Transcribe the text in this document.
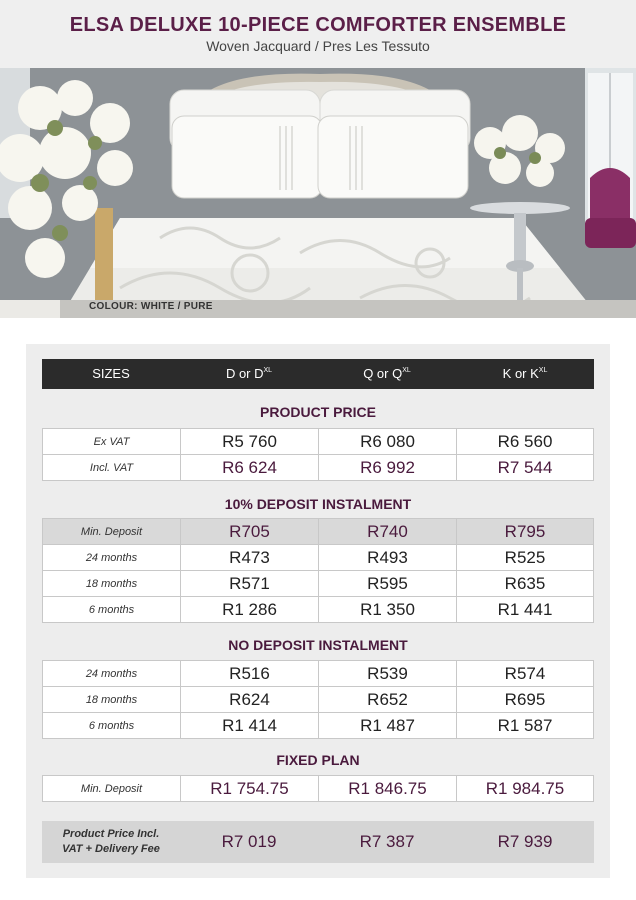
ELSA DELUXE 10-PIECE COMFORTER ENSEMBLE
Woven Jacquard / Pres Les Tessuto
COLOUR: WHITE / PURE
SIZES	D or $D^{XL}$	Q or $Q^{XL}$	K or $K^{XL}$
PRODUCT PRICE
Ex VAT	R5 760	R6 080	R6 560
Incl. VAT	R6 624	R6 992	R7 544
10% DEPOSIT INSTALMENT
Min. Deposit	R705	R740	R795
24 months	R473	R493	R525
18 months	R571	R595	R635
6 months	R1 286	R1 350	R1 441
NO DEPOSIT INSTALMENT
24 months	R516	R539	R574
18 months	R624	R652	R695
6 months	R1 414	R1 487	R1 587
FIXED PLAN
Min. Deposit	R1 754.75	R1 846.75	R1 984.75
Product Price Incl.
VAT + Delivery Fee	R7 019	R7 387	R7 939
